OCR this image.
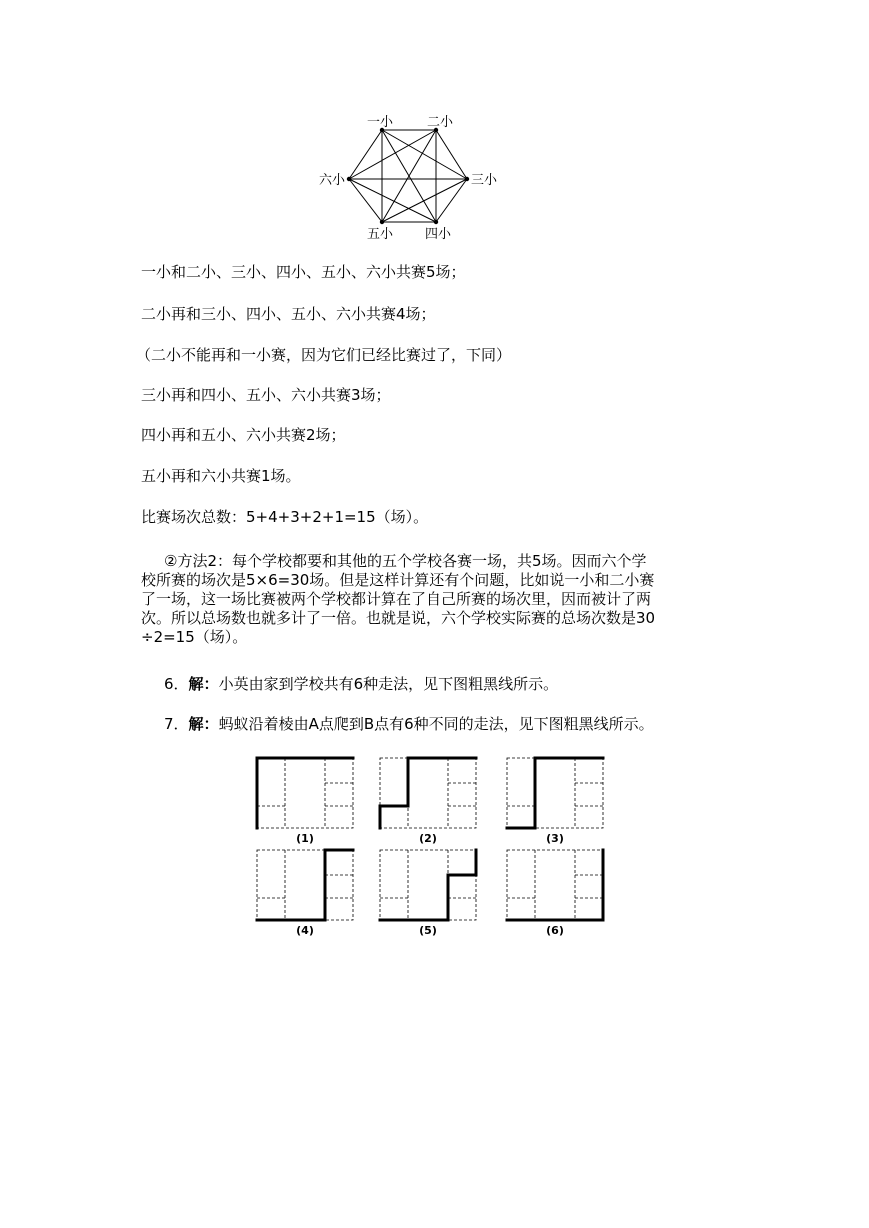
一小	二小
三小
四小
五小
六小
一小和二小、三小、四小、五小、六小共赛5场；
二小再和三小、四小、五小、六小共赛4场；
（二小不能再和一小赛，因为它们已经比赛过了，下同）
三小再和四小、五小、六小共赛3场；
四小再和五小、六小共赛2场；
五小再和六小共赛1场。
比赛场次总数：5+4+3+2+1=15（场）。

②方法2：每个学校都要和其他的五个学校各赛一场，共5场。因而六个学

校所赛的场次是5×6=30场。但是这样计算还有个问题，比如说一小和二小赛

了一场，这一场比赛被两个学校都计算在了自己所赛的场次里，因而被计了两

次。所以总场数也就多计了一倍。也就是说，六个学校实际赛的总场次数是30

÷2=15（场）。

6．解：小英由家到学校共有6种走法，见下图粗黑线所示。
7．解：蚂蚁沿着棱由A点爬到B点有6种不同的走法，见下图粗黑线所示。
(1)	(2)	(3)
(4)	(5)	(6)
